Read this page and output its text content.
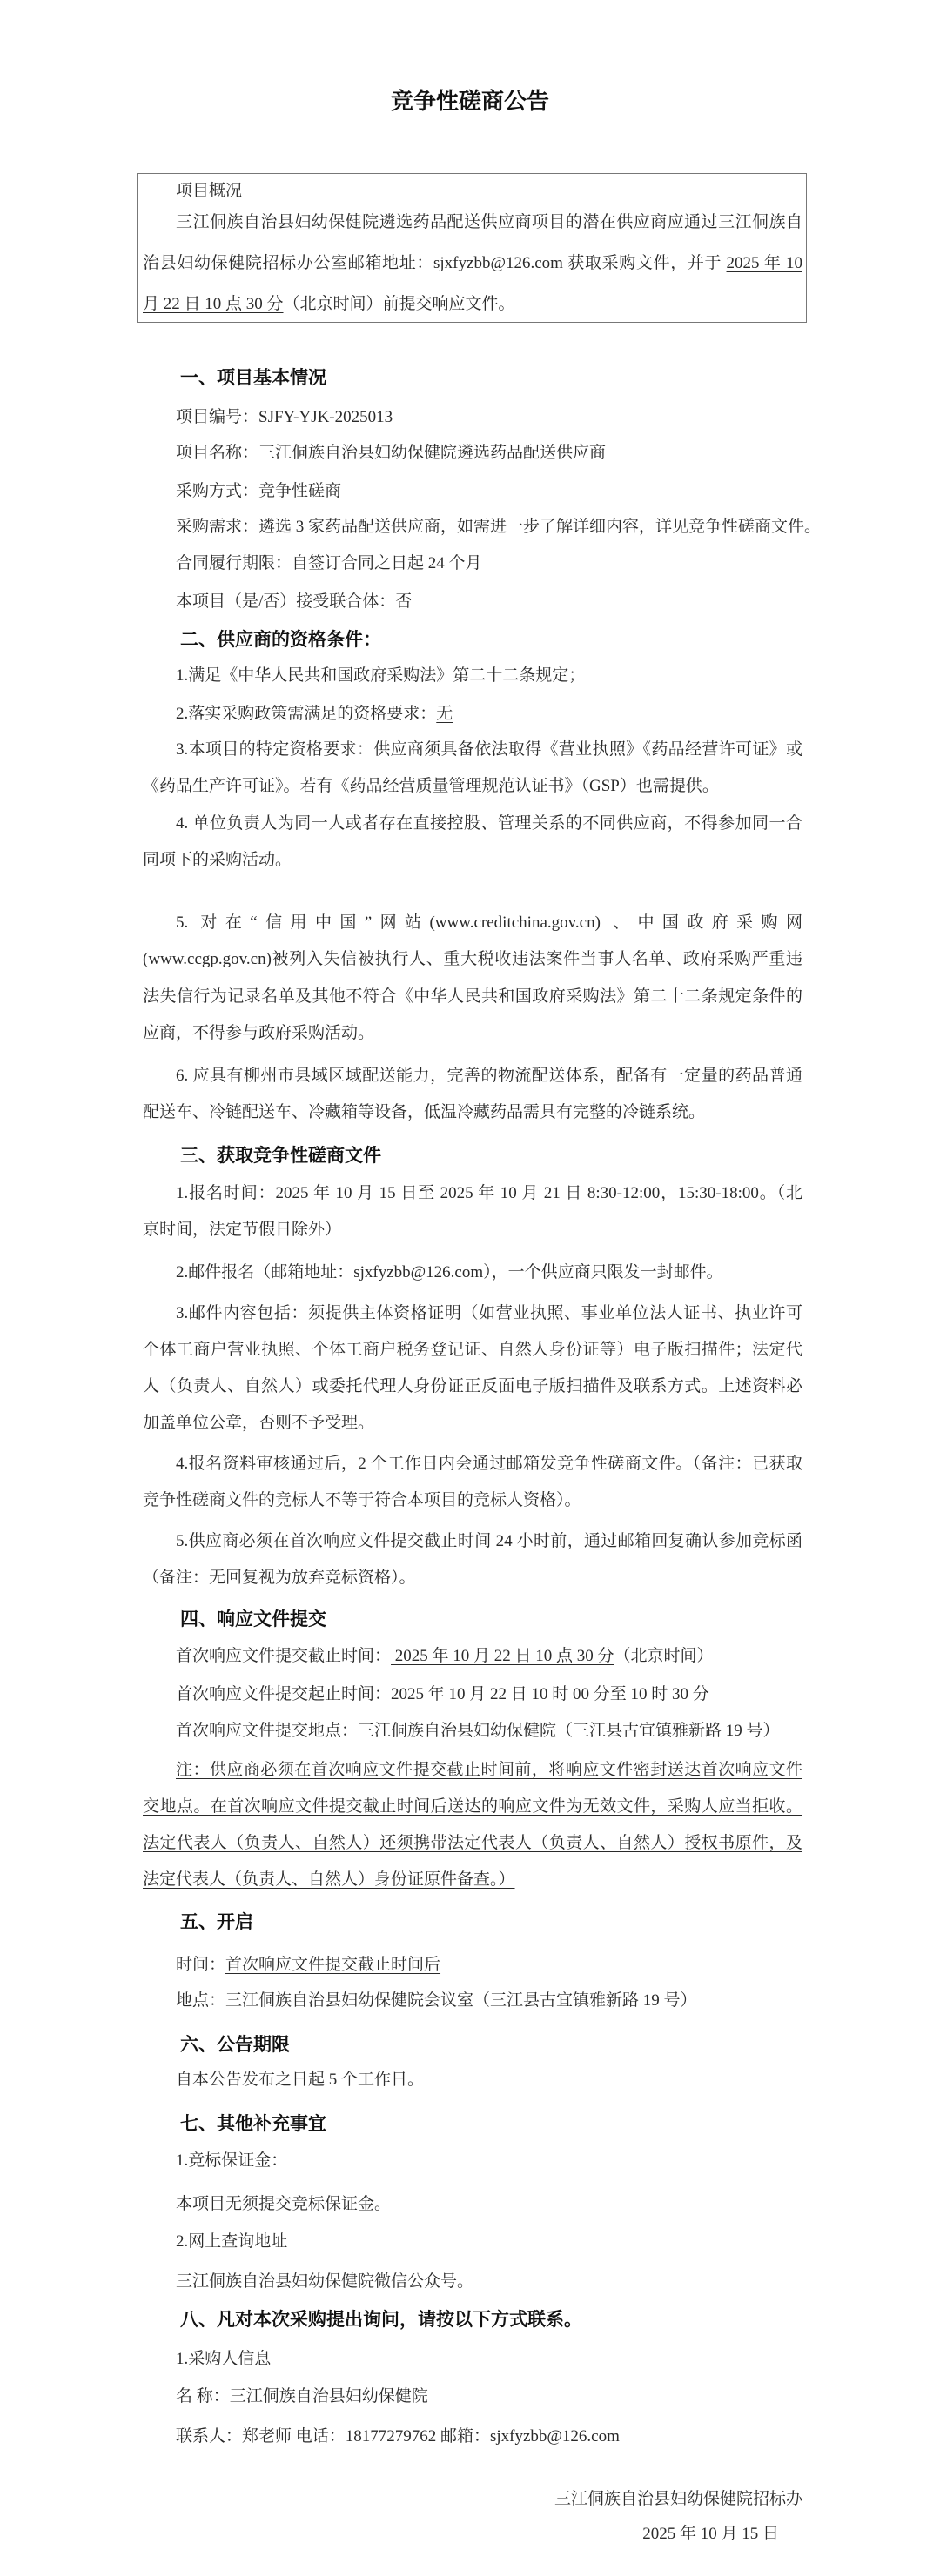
竞争性磋商公告
三江侗族自治县妇幼保健院招标办
2025 年 10 月 15 日
项目概况
三江侗族自治县妇幼保健院遴选药品配送供应商项目的潜在供应商应通过三江侗族自
治县妇幼保健院招标办公室邮箱地址：sjxfyzbb@126.com 获取采购文件，并于 2025 年 10
月 22 日 10 点 30 分（北京时间）前提交响应文件。
一、项目基本情况
项目编号：SJFY-YJK-2025013
项目名称：三江侗族自治县妇幼保健院遴选药品配送供应商
采购方式：竞争性磋商
采购需求：遴选 3 家药品配送供应商，如需进一步了解详细内容，详见竞争性磋商文件。
合同履行期限：自签订合同之日起 24 个月
本项目（是/否）接受联合体：否
二、供应商的资格条件：
1.满足《中华人民共和国政府采购法》第二十二条规定；
2.落实采购政策需满足的资格要求：无
3.本项目的特定资格要求：供应商须具备依法取得《营业执照》《药品经营许可证》或
《药品生产许可证》。若有《药品经营质量管理规范认证书》（GSP）也需提供。
4. 单位负责人为同一人或者存在直接控股、管理关系的不同供应商，不得参加同一合
同项下的采购活动。
5. 对在“信用中国”网站(www.creditchina.gov.cn) 、中国政府采购网
(www.ccgp.gov.cn)被列入失信被执行人、重大税收违法案件当事人名单、政府采购严重违
法失信行为记录名单及其他不符合《中华人民共和国政府采购法》第二十二条规定条件的
应商，不得参与政府采购活动。
6. 应具有柳州市县域区域配送能力，完善的物流配送体系，配备有一定量的药品普通
配送车、冷链配送车、冷藏箱等设备，低温冷藏药品需具有完整的冷链系统。
三、获取竞争性磋商文件
1.报名时间：2025 年 10 月 15 日至 2025 年 10 月 21 日 8:30-12:00，15:30-18:00。（北
京时间，法定节假日除外）
2.邮件报名（邮箱地址：sjxfyzbb@126.com），一个供应商只限发一封邮件。
3.邮件内容包括：须提供主体资格证明（如营业执照、事业单位法人证书、执业许可
个体工商户营业执照、个体工商户税务登记证、自然人身份证等）电子版扫描件；法定代
人（负责人、自然人）或委托代理人身份证正反面电子版扫描件及联系方式。上述资料必
加盖单位公章，否则不予受理。
4.报名资料审核通过后，2 个工作日内会通过邮箱发竞争性磋商文件。（备注：已获取
竞争性磋商文件的竞标人不等于符合本项目的竞标人资格）。
5.供应商必须在首次响应文件提交截止时间 24 小时前，通过邮箱回复确认参加竞标函
（备注：无回复视为放弃竞标资格）。
四、响应文件提交
首次响应文件提交截止时间： 2025 年 10 月 22 日 10 点 30 分（北京时间）
首次响应文件提交起止时间：2025 年 10 月 22 日 10 时 00 分至 10 时 30 分
首次响应文件提交地点：三江侗族自治县妇幼保健院（三江县古宜镇雅新路 19 号）
注：供应商必须在首次响应文件提交截止时间前，将响应文件密封送达首次响应文件
交地点。在首次响应文件提交截止时间后送达的响应文件为无效文件，采购人应当拒收。
法定代表人（负责人、自然人）还须携带法定代表人（负责人、自然人）授权书原件，及
法定代表人（负责人、自然人）身份证原件备查。）
五、开启
时间：首次响应文件提交截止时间后
地点：三江侗族自治县妇幼保健院会议室（三江县古宜镇雅新路 19 号）
六、公告期限
自本公告发布之日起 5 个工作日。
七、其他补充事宜
1.竞标保证金：
本项目无须提交竞标保证金。
2.网上查询地址
三江侗族自治县妇幼保健院微信公众号。
八、凡对本次采购提出询问，请按以下方式联系。
1.采购人信息
名 称：三江侗族自治县妇幼保健院
联系人：郑老师 电话：18177279762 邮箱：sjxfyzbb@126.com
